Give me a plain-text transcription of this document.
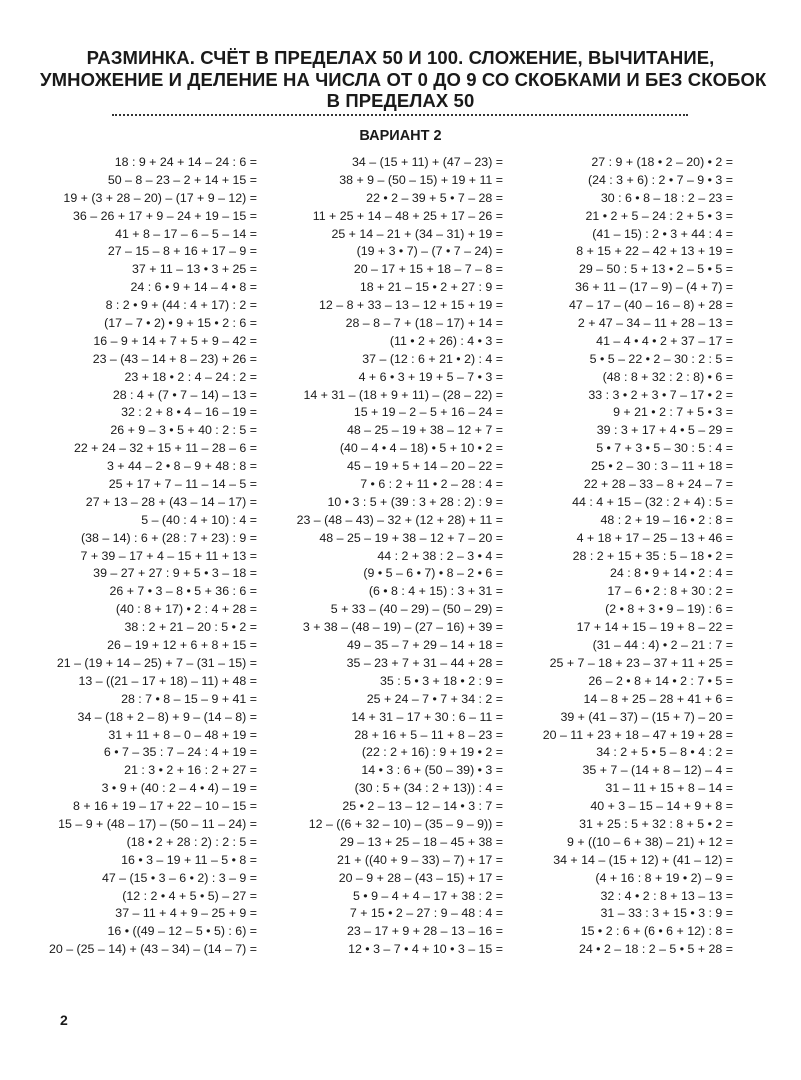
РАЗМИНКА. СЧЁТ В ПРЕДЕЛАХ 50 И 100. СЛОЖЕНИЕ, ВЫЧИТАНИЕ,
УМНОЖЕНИЕ И ДЕЛЕНИЕ НА ЧИСЛА ОТ 0 ДО 9 СО СКОБКАМИ И БЕЗ СКОБОК
В ПРЕДЕЛАХ 50
ВАРИАНТ 2
18 : 9 + 24 + 14 – 24 : 6 =
50 – 8 – 23 – 2 + 14 + 15 =
19 + (3 + 28 – 20) – (17 + 9 – 12) =
36 – 26 + 17 + 9 – 24 + 19 – 15 =
41 + 8 – 17 – 6 – 5 – 14 =
27 – 15 – 8 + 16 + 17 – 9 =
37 + 11 – 13 • 3 + 25 =
24 : 6 • 9 + 14 – 4 • 8 =
8 : 2 • 9 + (44 : 4 + 17) : 2 =
(17 – 7 • 2) • 9 + 15 • 2 : 6 =
16 – 9 + 14 + 7 + 5 + 9 – 42 =
23 – (43 – 14 + 8 – 23) + 26 =
23 + 18 • 2 : 4 – 24 : 2 =
28 : 4 + (7 • 7 – 14) – 13 =
32 : 2 + 8 • 4 – 16 – 19 =
26 + 9 – 3 • 5 + 40 : 2 : 5 =
22 + 24 – 32 + 15 + 11 – 28 – 6 =
3 + 44 – 2 • 8 – 9 + 48 : 8 =
25 + 17 + 7 – 11 – 14 – 5 =
27 + 13 – 28 + (43 – 14 – 17) =
5 – (40 : 4 + 10) : 4 =
(38 – 14) : 6 + (28 : 7 + 23) : 9 =
7 + 39 – 17 + 4 – 15 + 11 + 13 =
39 – 27 + 27 : 9 + 5 • 3 – 18 =
26 + 7 • 3 – 8 • 5 + 36 : 6 =
(40 : 8 + 17) • 2 : 4 + 28 =
38 : 2 + 21 – 20 : 5 • 2 =
26 – 19 + 12 + 6 + 8 + 15 =
21 – (19 + 14 – 25) + 7 – (31 – 15) =
13 – ((21 – 17 + 18) – 11) + 48 =
28 : 7 • 8 – 15 – 9 + 41 =
34 – (18 + 2 – 8) + 9 – (14 – 8) =
31 + 11 + 8 – 0 – 48 + 19 =
6 • 7 – 35 : 7 – 24 : 4 + 19 =
21 : 3 • 2 + 16 : 2 + 27 =
3 • 9 + (40 : 2 – 4 • 4) – 19 =
8 + 16 + 19 – 17 + 22 – 10 – 15 =
15 – 9 + (48 – 17) – (50 – 11 – 24) =
(18 • 2 + 28 : 2) : 2 : 5 =
16 • 3 – 19 + 11 – 5 • 8 =
47 – (15 • 3 – 6 • 2) : 3 – 9 =
(12 : 2 • 4 + 5 • 5) – 27 =
37 – 11 + 4 + 9 – 25 + 9 =
16 • ((49 – 12 – 5 • 5) : 6) =
20 – (25 – 14) + (43 – 34) – (14 – 7) =
34 – (15 + 11) + (47 – 23) =
38 + 9 – (50 – 15) + 19 + 11 =
22 • 2 – 39 + 5 • 7 – 28 =
11 + 25 + 14 – 48 + 25 + 17 – 26 =
25 + 14 – 21 + (34 – 31) + 19 =
(19 + 3 • 7) – (7 • 7 – 24) =
20 – 17 + 15 + 18 – 7 – 8 =
18 + 21 – 15 • 2 + 27 : 9 =
12 – 8 + 33 – 13 – 12 + 15 + 19 =
28 – 8 – 7 + (18 – 17) + 14 =
(11 • 2 + 26) : 4 • 3 =
37 – (12 : 6 + 21 • 2) : 4 =
4 + 6 • 3 + 19 + 5 – 7 • 3 =
14 + 31 – (18 + 9 + 11) – (28 – 22) =
15 + 19 – 2 – 5 + 16 – 24 =
48 – 25 – 19 + 38 – 12 + 7 =
(40 – 4 • 4 – 18) • 5 + 10 • 2 =
45 – 19 + 5 + 14 – 20 – 22 =
7 • 6 : 2 + 11 • 2 – 28 : 4 =
10 • 3 : 5 + (39 : 3 + 28 : 2) : 9 =
23 – (48 – 43) – 32 + (12 + 28) + 11 =
48 – 25 – 19 + 38 – 12 + 7 – 20 =
44 : 2 + 38 : 2 – 3 • 4 =
(9 • 5 – 6 • 7) • 8 – 2 • 6 =
(6 • 8 : 4 + 15) : 3 + 31 =
5 + 33 – (40 – 29) – (50 – 29) =
3 + 38 – (48 – 19) – (27 – 16) + 39 =
49 – 35 – 7 + 29 – 14 + 18 =
35 – 23 + 7 + 31 – 44 + 28 =
35 : 5 • 3 + 18 • 2 : 9 =
25 + 24 – 7 • 7 + 34 : 2 =
14 + 31 – 17 + 30 : 6 – 11 =
28 + 16 + 5 – 11 + 8 – 23 =
(22 : 2 + 16) : 9 + 19 • 2 =
14 • 3 : 6 + (50 – 39) • 3 =
(30 : 5 + (34 : 2 + 13)) : 4 =
25 • 2 – 13 – 12 – 14 • 3 : 7 =
12 – ((6 + 32 – 10) – (35 – 9 – 9)) =
29 – 13 + 25 – 18 – 45 + 38 =
21 + ((40 + 9 – 33) – 7) + 17 =
20 – 9 + 28 – (43 – 15) + 17 =
5 • 9 – 4 + 4 – 17 + 38 : 2 =
7 + 15 • 2 – 27 : 9 – 48 : 4 =
23 – 17 + 9 + 28 – 13 – 16 =
12 • 3 – 7 • 4 + 10 • 3 – 15 =
27 : 9 + (18 • 2 – 20) • 2 =
(24 : 3 + 6) : 2 • 7 – 9 • 3 =
30 : 6 • 8 – 18 : 2 – 23 =
21 • 2 + 5 – 24 : 2 + 5 • 3 =
(41 – 15) : 2 • 3 + 44 : 4 =
8 + 15 + 22 – 42 + 13 + 19 =
29 – 50 : 5 + 13 • 2 – 5 • 5 =
36 + 11 – (17 – 9) – (4 + 7) =
47 – 17 – (40 – 16 – 8) + 28 =
2 + 47 – 34 – 11 + 28 – 13 =
41 – 4 • 4 • 2 + 37 – 17 =
5 • 5 – 22 • 2 – 30 : 2 : 5 =
(48 : 8 + 32 : 2 : 8) • 6 =
33 : 3 • 2 + 3 • 7 – 17 • 2 =
9 + 21 • 2 : 7 + 5 • 3 =
39 : 3 + 17 + 4 • 5 – 29 =
5 • 7 + 3 • 5 – 30 : 5 : 4 =
25 • 2 – 30 : 3 – 11 + 18 =
22 + 28 – 33 – 8 + 24 – 7 =
44 : 4 + 15 – (32 : 2 + 4) : 5 =
48 : 2 + 19 – 16 • 2 : 8 =
4 + 18 + 17 – 25 – 13 + 46 =
28 : 2 + 15 + 35 : 5 – 18 • 2 =
24 : 8 • 9 + 14 • 2 : 4 =
17 – 6 • 2 : 8 + 30 : 2 =
(2 • 8 + 3 • 9 – 19) : 6 =
17 + 14 + 15 – 19 + 8 – 22 =
(31 – 44 : 4) • 2 – 21 : 7 =
25 + 7 – 18 + 23 – 37 + 11 + 25 =
26 – 2 • 8 + 14 • 2 : 7 • 5 =
14 – 8 + 25 – 28 + 41 + 6 =
39 + (41 – 37) – (15 + 7) – 20 =
20 – 11 + 23 + 18 – 47 + 19 + 28 =
34 : 2 + 5 • 5 – 8 • 4 : 2 =
35 + 7 – (14 + 8 – 12) – 4 =
31 – 11 + 15 + 8 – 14 =
40 + 3 – 15 – 14 + 9 + 8 =
31 + 25 : 5 + 32 : 8 + 5 • 2 =
9 + ((10 – 6 + 38) – 21) + 12 =
34 + 14 – (15 + 12) + (41 – 12) =
(4 + 16 : 8 + 19 • 2) – 9 =
32 : 4 • 2 : 8 + 13 – 13 =
31 – 33 : 3 + 15 • 3 : 9 =
15 • 2 : 6 + (6 • 6 + 12) : 8 =
24 • 2 – 18 : 2 – 5 • 5 + 28 =
2
